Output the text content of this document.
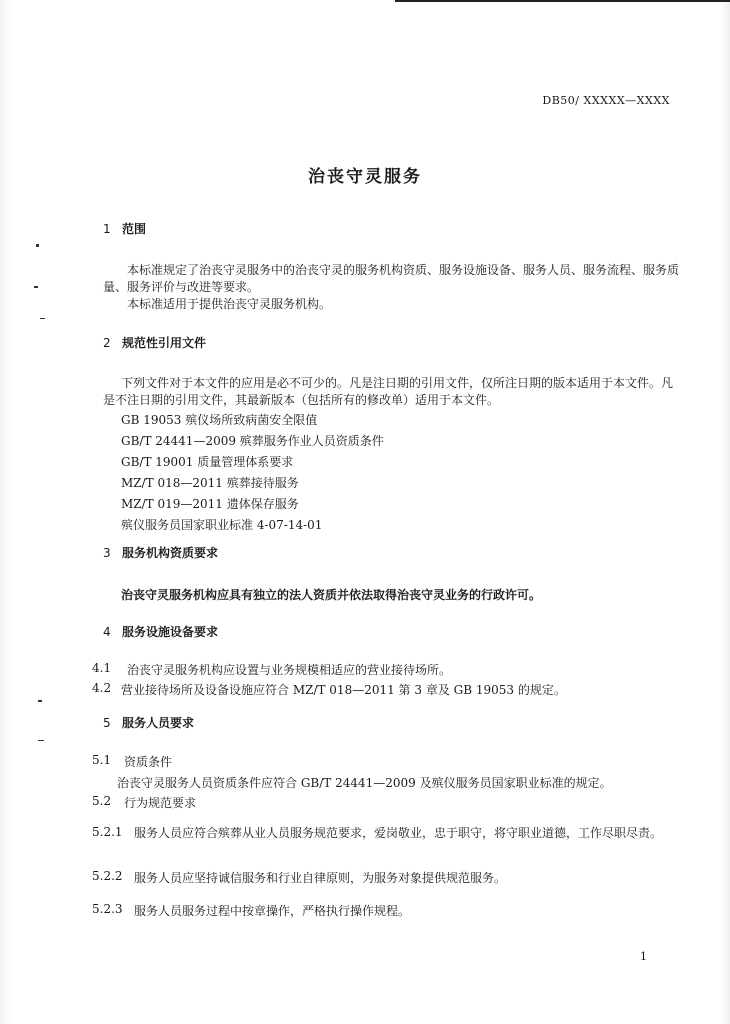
DB50/ XXXXX—XXXX
治丧守灵服务
1 范围
本标准规定了治丧守灵服务中的治丧守灵的服务机构资质、服务设施设备、服务人员、服务流程、服务质量、服务评价与改进等要求。
本标准适用于提供治丧守灵服务机构。
2 规范性引用文件
下列文件对于本文件的应用是必不可少的。凡是注日期的引用文件，仅所注日期的版本适用于本文件。凡是不注日期的引用文件，其最新版本（包括所有的修改单）适用于本文件。
GB 19053 殡仪场所致病菌安全限值
GB/T 24441—2009 殡葬服务作业人员资质条件
GB/T 19001 质量管理体系要求
MZ/T 018—2011 殡葬接待服务
MZ/T 019—2011 遗体保存服务
殡仪服务员国家职业标准 4-07-14-01
3 服务机构资质要求
治丧守灵服务机构应具有独立的法人资质并依法取得治丧守灵业务的行政许可。
4 服务设施设备要求
4.1 治丧守灵服务机构应设置与业务规模相适应的营业接待场所。
4.2 营业接待场所及设备设施应符合 MZ/T 018—2011 第 3 章及 GB 19053 的规定。
5 服务人员要求
5.1 资质条件
治丧守灵服务人员资质条件应符合 GB/T 24441—2009 及殡仪服务员国家职业标准的规定。
5.2 行为规范要求
5.2.1 服务人员应符合殡葬从业人员服务规范要求，爱岗敬业，忠于职守，将守职业道德，工作尽职尽责。
5.2.2 服务人员应坚持诚信服务和行业自律原则，为服务对象提供规范服务。
5.2.3 服务人员服务过程中按章操作，严格执行操作规程。
1
